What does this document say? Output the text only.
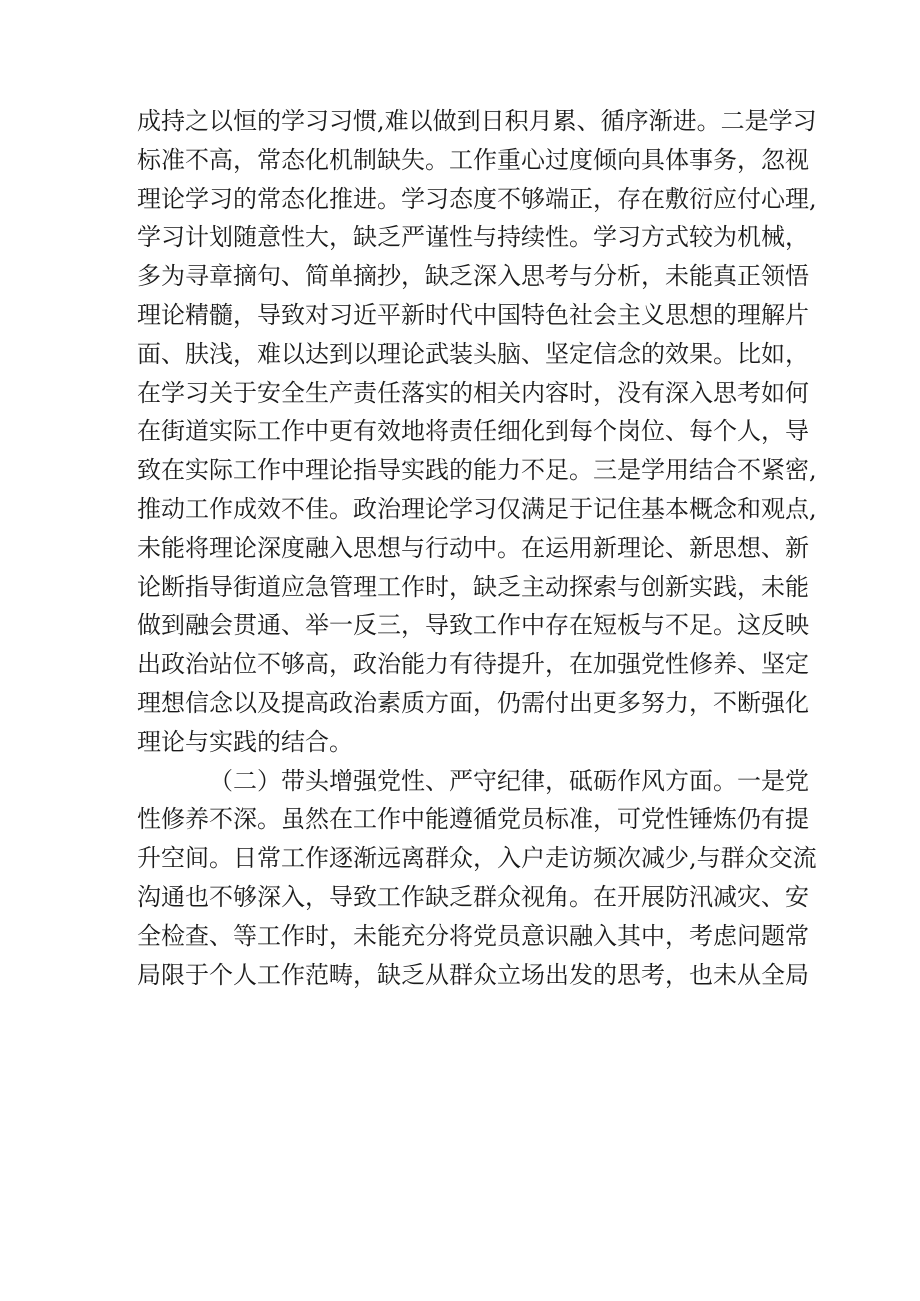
成持之以恒的学习习惯,难以做到日积月累、循序渐进。二是学习
标准不高，常态化机制缺失。工作重心过度倾向具体事务，忽视
理论学习的常态化推进。学习态度不够端正，存在敷衍应付心理,
学习计划随意性大，缺乏严谨性与持续性。学习方式较为机械，
多为寻章摘句、简单摘抄，缺乏深入思考与分析，未能真正领悟
理论精髓，导致对习近平新时代中国特色社会主义思想的理解片
面、肤浅，难以达到以理论武装头脑、坚定信念的效果。比如，
在学习关于安全生产责任落实的相关内容时，没有深入思考如何
在街道实际工作中更有效地将责任细化到每个岗位、每个人，导
致在实际工作中理论指导实践的能力不足。三是学用结合不紧密,
推动工作成效不佳。政治理论学习仅满足于记住基本概念和观点,
未能将理论深度融入思想与行动中。在运用新理论、新思想、新
论断指导街道应急管理工作时，缺乏主动探索与创新实践，未能
做到融会贯通、举一反三，导致工作中存在短板与不足。这反映
出政治站位不够高，政治能力有待提升，在加强党性修养、坚定
理想信念以及提高政治素质方面，仍需付出更多努力，不断强化
理论与实践的结合。
（二）带头增强党性、严守纪律，砥砺作风方面。一是党
性修养不深。虽然在工作中能遵循党员标准，可党性锤炼仍有提
升空间。日常工作逐渐远离群众，入户走访频次减少,与群众交流
沟通也不够深入，导致工作缺乏群众视角。在开展防汛减灾、安
全检查、等工作时，未能充分将党员意识融入其中，考虑问题常
局限于个人工作范畴，缺乏从群众立场出发的思考，也未从全局
